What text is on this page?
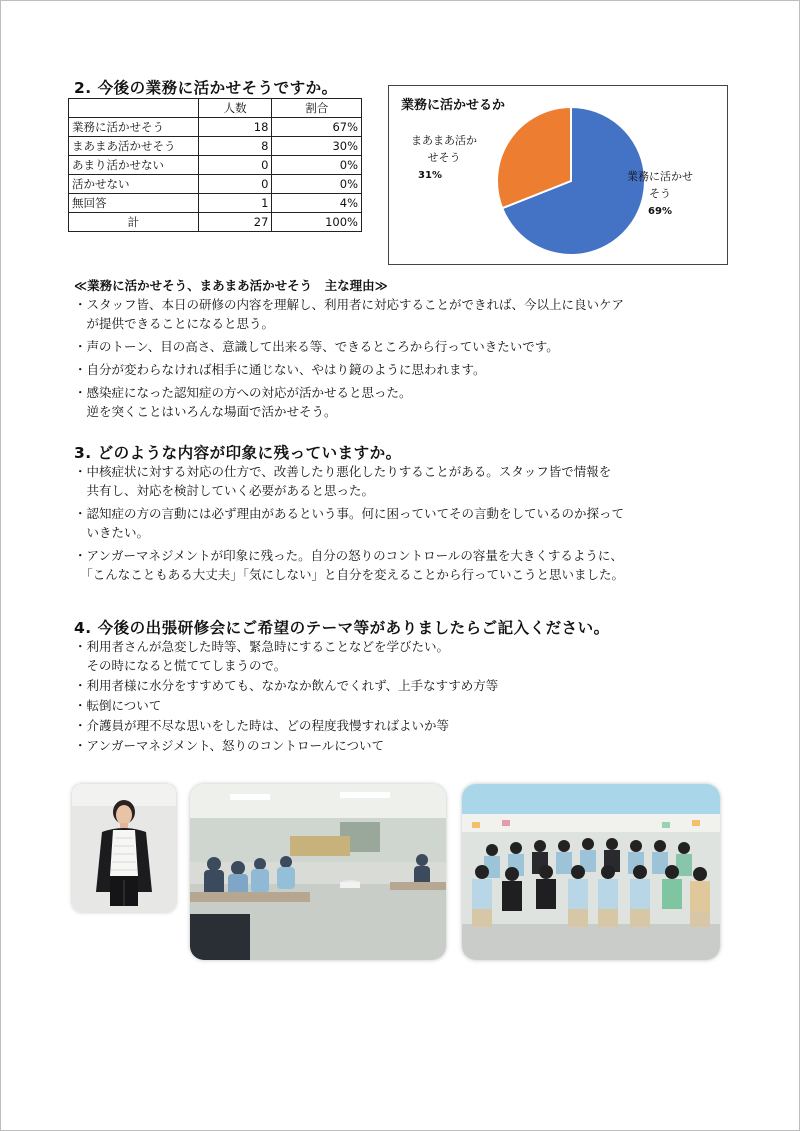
2. 今後の業務に活かせそうですか。
	人数	割合
業務に活かせそう	18	67%
まあまあ活かせそう	8	30%
あまり活かせない	0	0%
活かせない	0	0%
無回答	1	4%
計	27	100%
業務に活かせるか
まあまあ活か
せそう
31%	業務に活かせ
そう
69%
≪業務に活かせそう、まあまあ活かせそう　主な理由≫
・スタッフ皆、本日の研修の内容を理解し、利用者に対応することができれば、今以上に良いケア
　が提供できることになると思う。
・声のトーン、目の高さ、意識して出来る等、できるところから行っていきたいです。
・自分が変わらなければ相手に通じない、やはり鏡のように思われます。
・感染症になった認知症の方への対応が活かせると思った。
　逆を突くことはいろんな場面で活かせそう。
3. どのような内容が印象に残っていますか。
・中核症状に対する対応の仕方で、改善したり悪化したりすることがある。スタッフ皆で情報を
　共有し、対応を検討していく必要があると思った。
・認知症の方の言動には必ず理由があるという事。何に困っていてその言動をしているのか探って
　いきたい。
・アンガーマネジメントが印象に残った。自分の怒りのコントロールの容量を大きくするように、
　「こんなこともある大丈夫」「気にしない」と自分を変えることから行っていこうと思いました。
4. 今後の出張研修会にご希望のテーマ等がありましたらご記入ください。
・利用者さんが急変した時等、緊急時にすることなどを学びたい。
　その時になると慌ててしまうので。
・利用者様に水分をすすめても、なかなか飲んでくれず、上手なすすめ方等
・転倒について
・介護員が理不尽な思いをした時は、どの程度我慢すればよいか等
・アンガーマネジメント、怒りのコントロールについて
